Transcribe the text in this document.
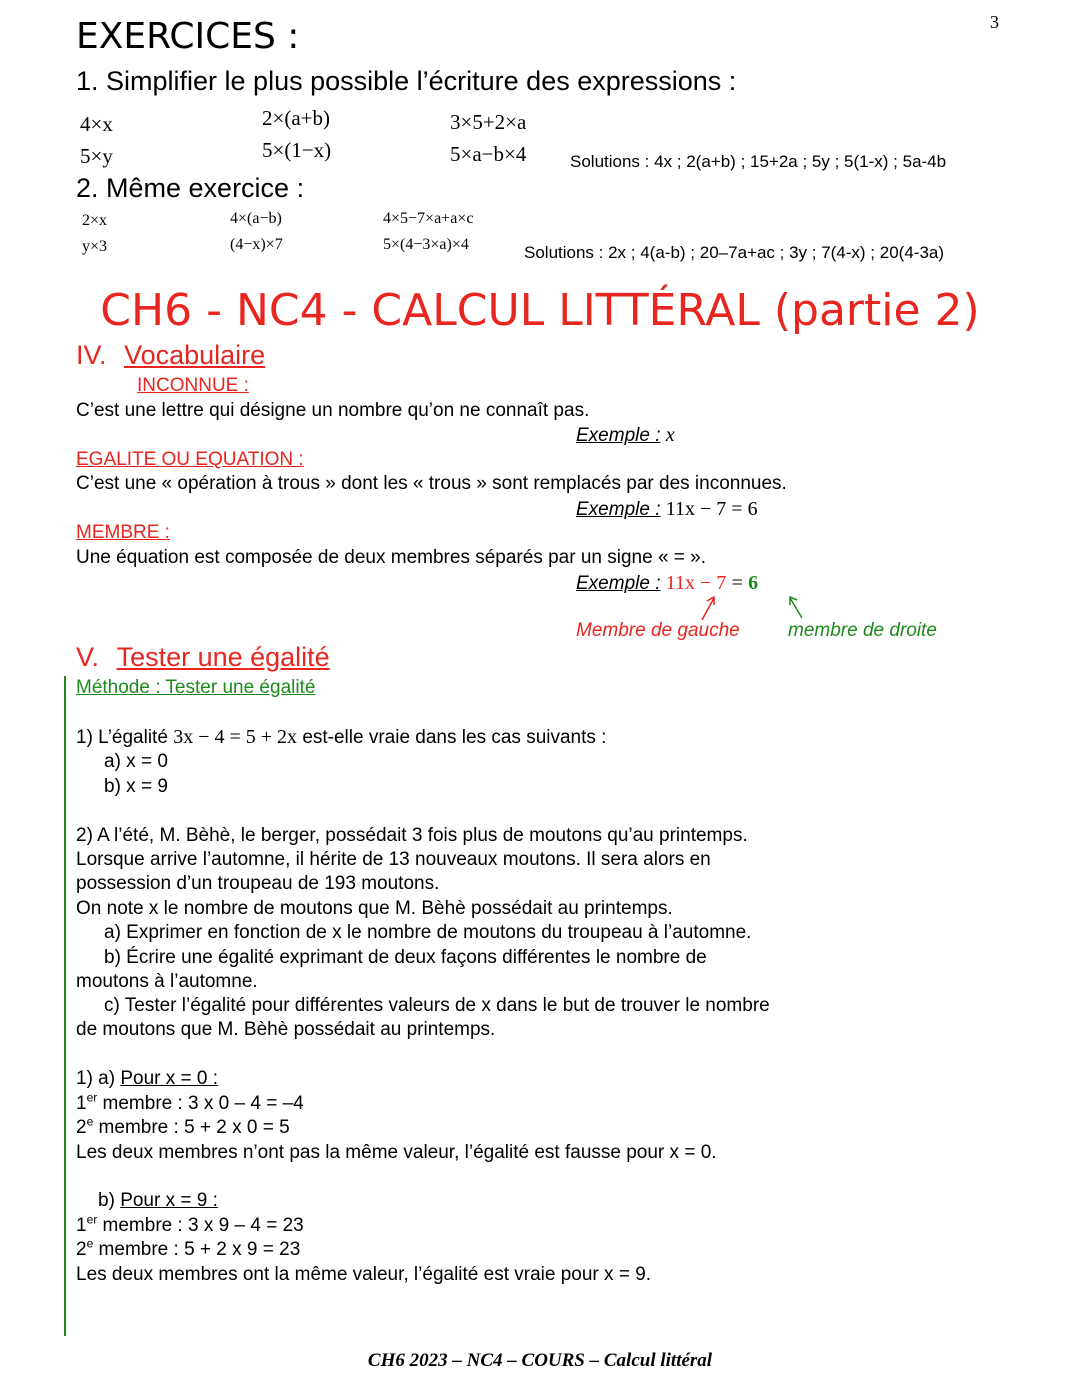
3
EXERCICES :
1. Simplifier le plus possible l’écriture des expressions :
4×x	2×(a+b)	3×5+2×a
5×y	5×(1−x)	5×a−b×4	Solutions : 4x ; 2(a+b) ; 15+2a ; 5y ; 5(1-x) ; 5a-4b
2. Même exercice :
2×x	4×(a−b)	4×5−7×a+a×c
y×3	(4−x)×7	5×(4−3×a)×4	Solutions : 2x ; 4(a-b) ; 20–7a+ac ; 3y ; 7(4-x) ; 20(4-3a)
CH6 - NC4 - CALCUL LITTÉRAL (partie 2)
IV. Vocabulaire
INCONNUE :
C’est une lettre qui désigne un nombre qu’on ne connaît pas.
Exemple : x
EGALITE OU EQUATION :
C’est une « opération à trous » dont les « trous » sont remplacés par des inconnues.
Exemple : 11x − 7 = 6
MEMBRE :
Une équation est composée de deux membres séparés par un signe « = ».
Exemple : 11x − 7 = 6
Membre de gauche	membre de droite
V. Tester une égalité
Méthode : Tester une égalité
1) L’égalité 3x − 4 = 5 + 2x est-elle vraie dans les cas suivants :
a) x = 0
b) x = 9
2) A l’été, M. Bèhè, le berger, possédait 3 fois plus de moutons qu’au printemps.
Lorsque arrive l’automne, il hérite de 13 nouveaux moutons. Il sera alors en
possession d’un troupeau de 193 moutons.
On note x le nombre de moutons que M. Bèhè possédait au printemps.
a) Exprimer en fonction de x le nombre de moutons du troupeau à l’automne.
b) Écrire une égalité exprimant de deux façons différentes le nombre de
moutons à l’automne.
c) Tester l’égalité pour différentes valeurs de x dans le but de trouver le nombre
de moutons que M. Bèhè possédait au printemps.
1) a) Pour x = 0 :
1er membre : 3 x 0 – 4 = –4
2e membre : 5 + 2 x 0 = 5
Les deux membres n’ont pas la même valeur, l’égalité est fausse pour x = 0.
b) Pour x = 9 :
1er membre : 3 x 9 – 4 = 23
2e membre : 5 + 2 x 9 = 23
Les deux membres ont la même valeur, l’égalité est vraie pour x = 9.
CH6 2023 – NC4 – COURS – Calcul littéral
